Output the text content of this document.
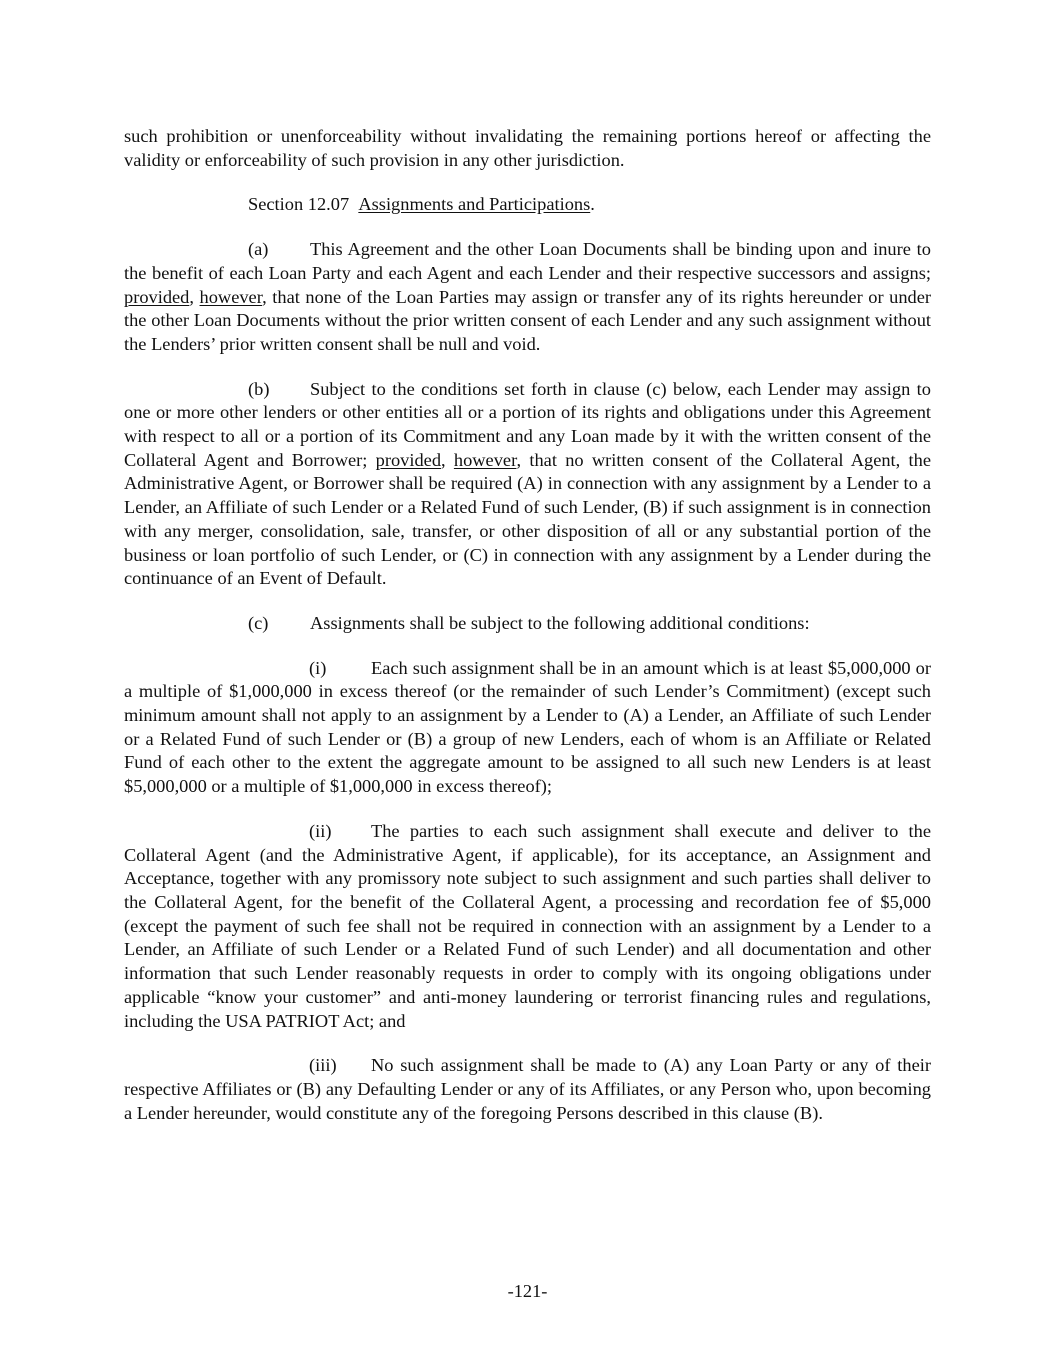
such prohibition or unenforceability without invalidating the remaining portions hereof or affecting the validity or enforceability of such provision in any other jurisdiction.

Section 12.07 Assignments and Participations.

(a) This Agreement and the other Loan Documents shall be binding upon and inure to the benefit of each Loan Party and each Agent and each Lender and their respective successors and assigns; provided, however, that none of the Loan Parties may assign or transfer any of its rights hereunder or under the other Loan Documents without the prior written consent of each Lender and any such assignment without the Lenders’ prior written consent shall be null and void.

(b) Subject to the conditions set forth in clause (c) below, each Lender may assign to one or more other lenders or other entities all or a portion of its rights and obligations under this Agreement with respect to all or a portion of its Commitment and any Loan made by it with the written consent of the Collateral Agent and Borrower; provided, however, that no written consent of the Collateral Agent, the Administrative Agent, or Borrower shall be required (A) in connection with any assignment by a Lender to a Lender, an Affiliate of such Lender or a Related Fund of such Lender, (B) if such assignment is in connection with any merger, consolidation, sale, transfer, or other disposition of all or any substantial portion of the business or loan portfolio of such Lender, or (C) in connection with any assignment by a Lender during the continuance of an Event of Default.

(c) Assignments shall be subject to the following additional conditions:

(i) Each such assignment shall be in an amount which is at least $5,000,000 or a multiple of $1,000,000 in excess thereof (or the remainder of such Lender’s Commitment) (except such minimum amount shall not apply to an assignment by a Lender to (A) a Lender, an Affiliate of such Lender or a Related Fund of such Lender or (B) a group of new Lenders, each of whom is an Affiliate or Related Fund of each other to the extent the aggregate amount to be assigned to all such new Lenders is at least $5,000,000 or a multiple of $1,000,000 in excess thereof);

(ii) The parties to each such assignment shall execute and deliver to the Collateral Agent (and the Administrative Agent, if applicable), for its acceptance, an Assignment and Acceptance, together with any promissory note subject to such assignment and such parties shall deliver to the Collateral Agent, for the benefit of the Collateral Agent, a processing and recordation fee of $5,000 (except the payment of such fee shall not be required in connection with an assignment by a Lender to a Lender, an Affiliate of such Lender or a Related Fund of such Lender) and all documentation and other information that such Lender reasonably requests in order to comply with its ongoing obligations under applicable “know your customer” and anti-money laundering or terrorist financing rules and regulations, including the USA PATRIOT Act; and

(iii) No such assignment shall be made to (A) any Loan Party or any of their respective Affiliates or (B) any Defaulting Lender or any of its Affiliates, or any Person who, upon becoming a Lender hereunder, would constitute any of the foregoing Persons described in this clause (B).

-121-
